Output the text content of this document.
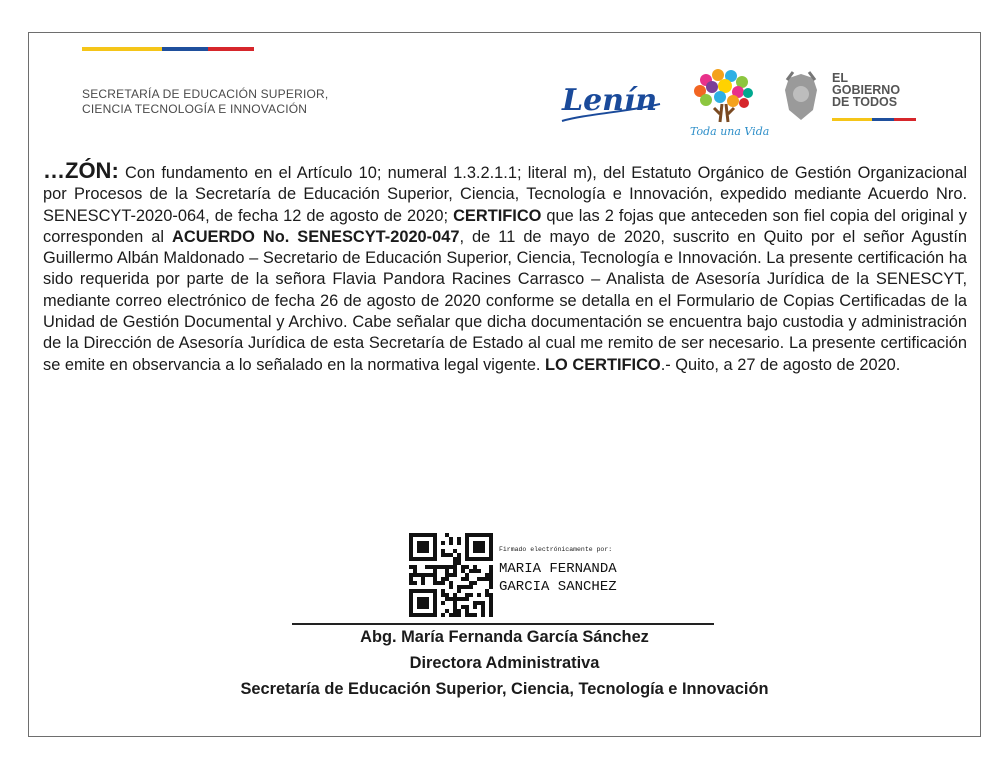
SECRETARÍA DE EDUCACIÓN SUPERIOR,
CIENCIA TECNOLOGÍA E INNOVACIÓN	Lenín
Toda una Vida
EL
GOBIERNO
DE TODOS
…ZÓN: Con fundamento en el Artículo 10; numeral 1.3.2.1.1; literal m), del Estatuto Orgánico de Gestión Organizacional por Procesos de la Secretaría de Educación Superior, Ciencia, Tecnología e Innovación, expedido mediante Acuerdo Nro. SENESCYT-2020-064, de fecha 12 de agosto de 2020; CERTIFICO que las 2 fojas que anteceden son fiel copia del original y corresponden al ACUERDO No. SENESCYT-2020-047, de 11 de mayo de 2020, suscrito en Quito por el señor Agustín Guillermo Albán Maldonado – Secretario de Educación Superior, Ciencia, Tecnología e Innovación. La presente certificación ha sido requerida por parte de la señora Flavia Pandora Racines Carrasco – Analista de Asesoría Jurídica de la SENESCYT, mediante correo electrónico de fecha 26 de agosto de 2020 conforme se detalla en el Formulario de Copias Certificadas de la Unidad de Gestión Documental y Archivo. Cabe señalar que dicha documentación se encuentra bajo custodia y administración de la Dirección de Asesoría Jurídica de esta Secretaría de Estado al cual me remito de ser necesario. La presente certificación se emite en observancia a lo señalado en la normativa legal vigente. LO CERTIFICO.- Quito, a 27 de agosto de 2020.
Firmado electrónicamente por:
MARIA FERNANDA
GARCIA SANCHEZ
Abg. María Fernanda García Sánchez
Directora Administrativa
Secretaría de Educación Superior, Ciencia, Tecnología e Innovación
